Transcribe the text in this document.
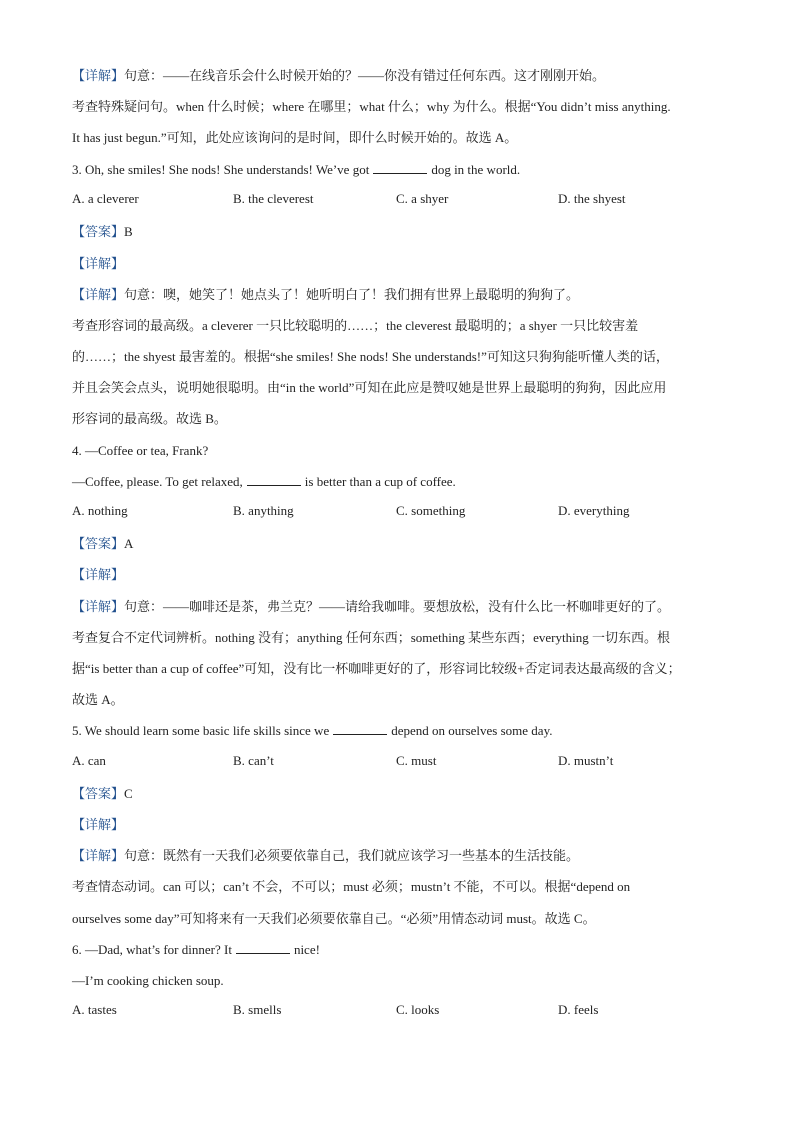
【详解】句意：——在线音乐会什么时候开始的？——你没有错过任何东西。这才刚刚开始。
考查特殊疑问句。when 什么时候；where 在哪里；what 什么；why 为什么。根据“You didn’t miss anything.
It has just begun.”可知，此处应该询问的是时间，即什么时候开始的。故选 A。
3. Oh, she smiles! She nods! She understands! We’ve got	dog in the world.
A. a cleverer	B. the cleverest	C. a shyer	D. the shyest
【答案】B
【详解】
【详解】句意：噢，她笑了！她点头了！她听明白了！我们拥有世界上最聪明的狗狗了。
考查形容词的最高级。a cleverer 一只比较聪明的……；the cleverest 最聪明的；a shyer 一只比较害羞
的……；the shyest 最害羞的。根据“she smiles! She nods! She understands!”可知这只狗狗能听懂人类的话，
并且会笑会点头，说明她很聪明。由“in the world”可知在此应是赞叹她是世界上最聪明的狗狗，因此应用
形容词的最高级。故选 B。
4. —Coffee or tea, Frank?
—Coffee, please. To get relaxed,	is better than a cup of coffee.
A. nothing	B. anything	C. something	D. everything
【答案】A
【详解】
【详解】句意：——咖啡还是茶，弗兰克？——请给我咖啡。要想放松，没有什么比一杯咖啡更好的了。
考查复合不定代词辨析。nothing 没有；anything 任何东西；something 某些东西；everything 一切东西。根
据“is better than a cup of coffee”可知，没有比一杯咖啡更好的了，形容词比较级+否定词表达最高级的含义；
故选 A。
5. We should learn some basic life skills since we	depend on ourselves some day.
A. can	B. can’t	C. must	D. mustn’t
【答案】C
【详解】
【详解】句意：既然有一天我们必须要依靠自己，我们就应该学习一些基本的生活技能。
考查情态动词。can 可以；can’t 不会，不可以；must 必须；mustn’t 不能，不可以。根据“depend on
ourselves some day”可知将来有一天我们必须要依靠自己。“必须”用情态动词 must。故选 C。
6. —Dad, what’s for dinner? It	nice!
—I’m cooking chicken soup.
A. tastes	B. smells	C. looks	D. feels
